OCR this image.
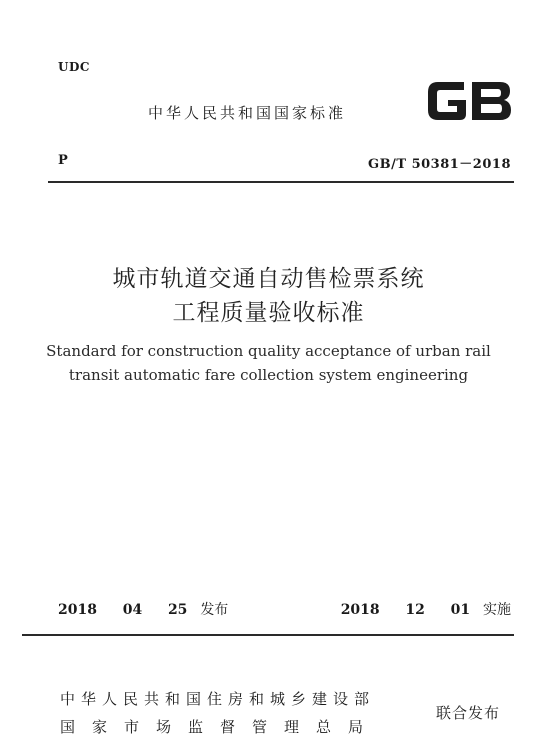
UDC
中华人民共和国国家标准
P	GB/T 50381－2018
城市轨道交通自动售检票系统
工程质量验收标准
Standard for construction quality acceptance of urban rail
transit automatic fare collection system engineering
2018  04  25 发布	2018  12  01 实施
中华人民共和国住房和城乡建设部
国家市场监督管理总局
联合发布
